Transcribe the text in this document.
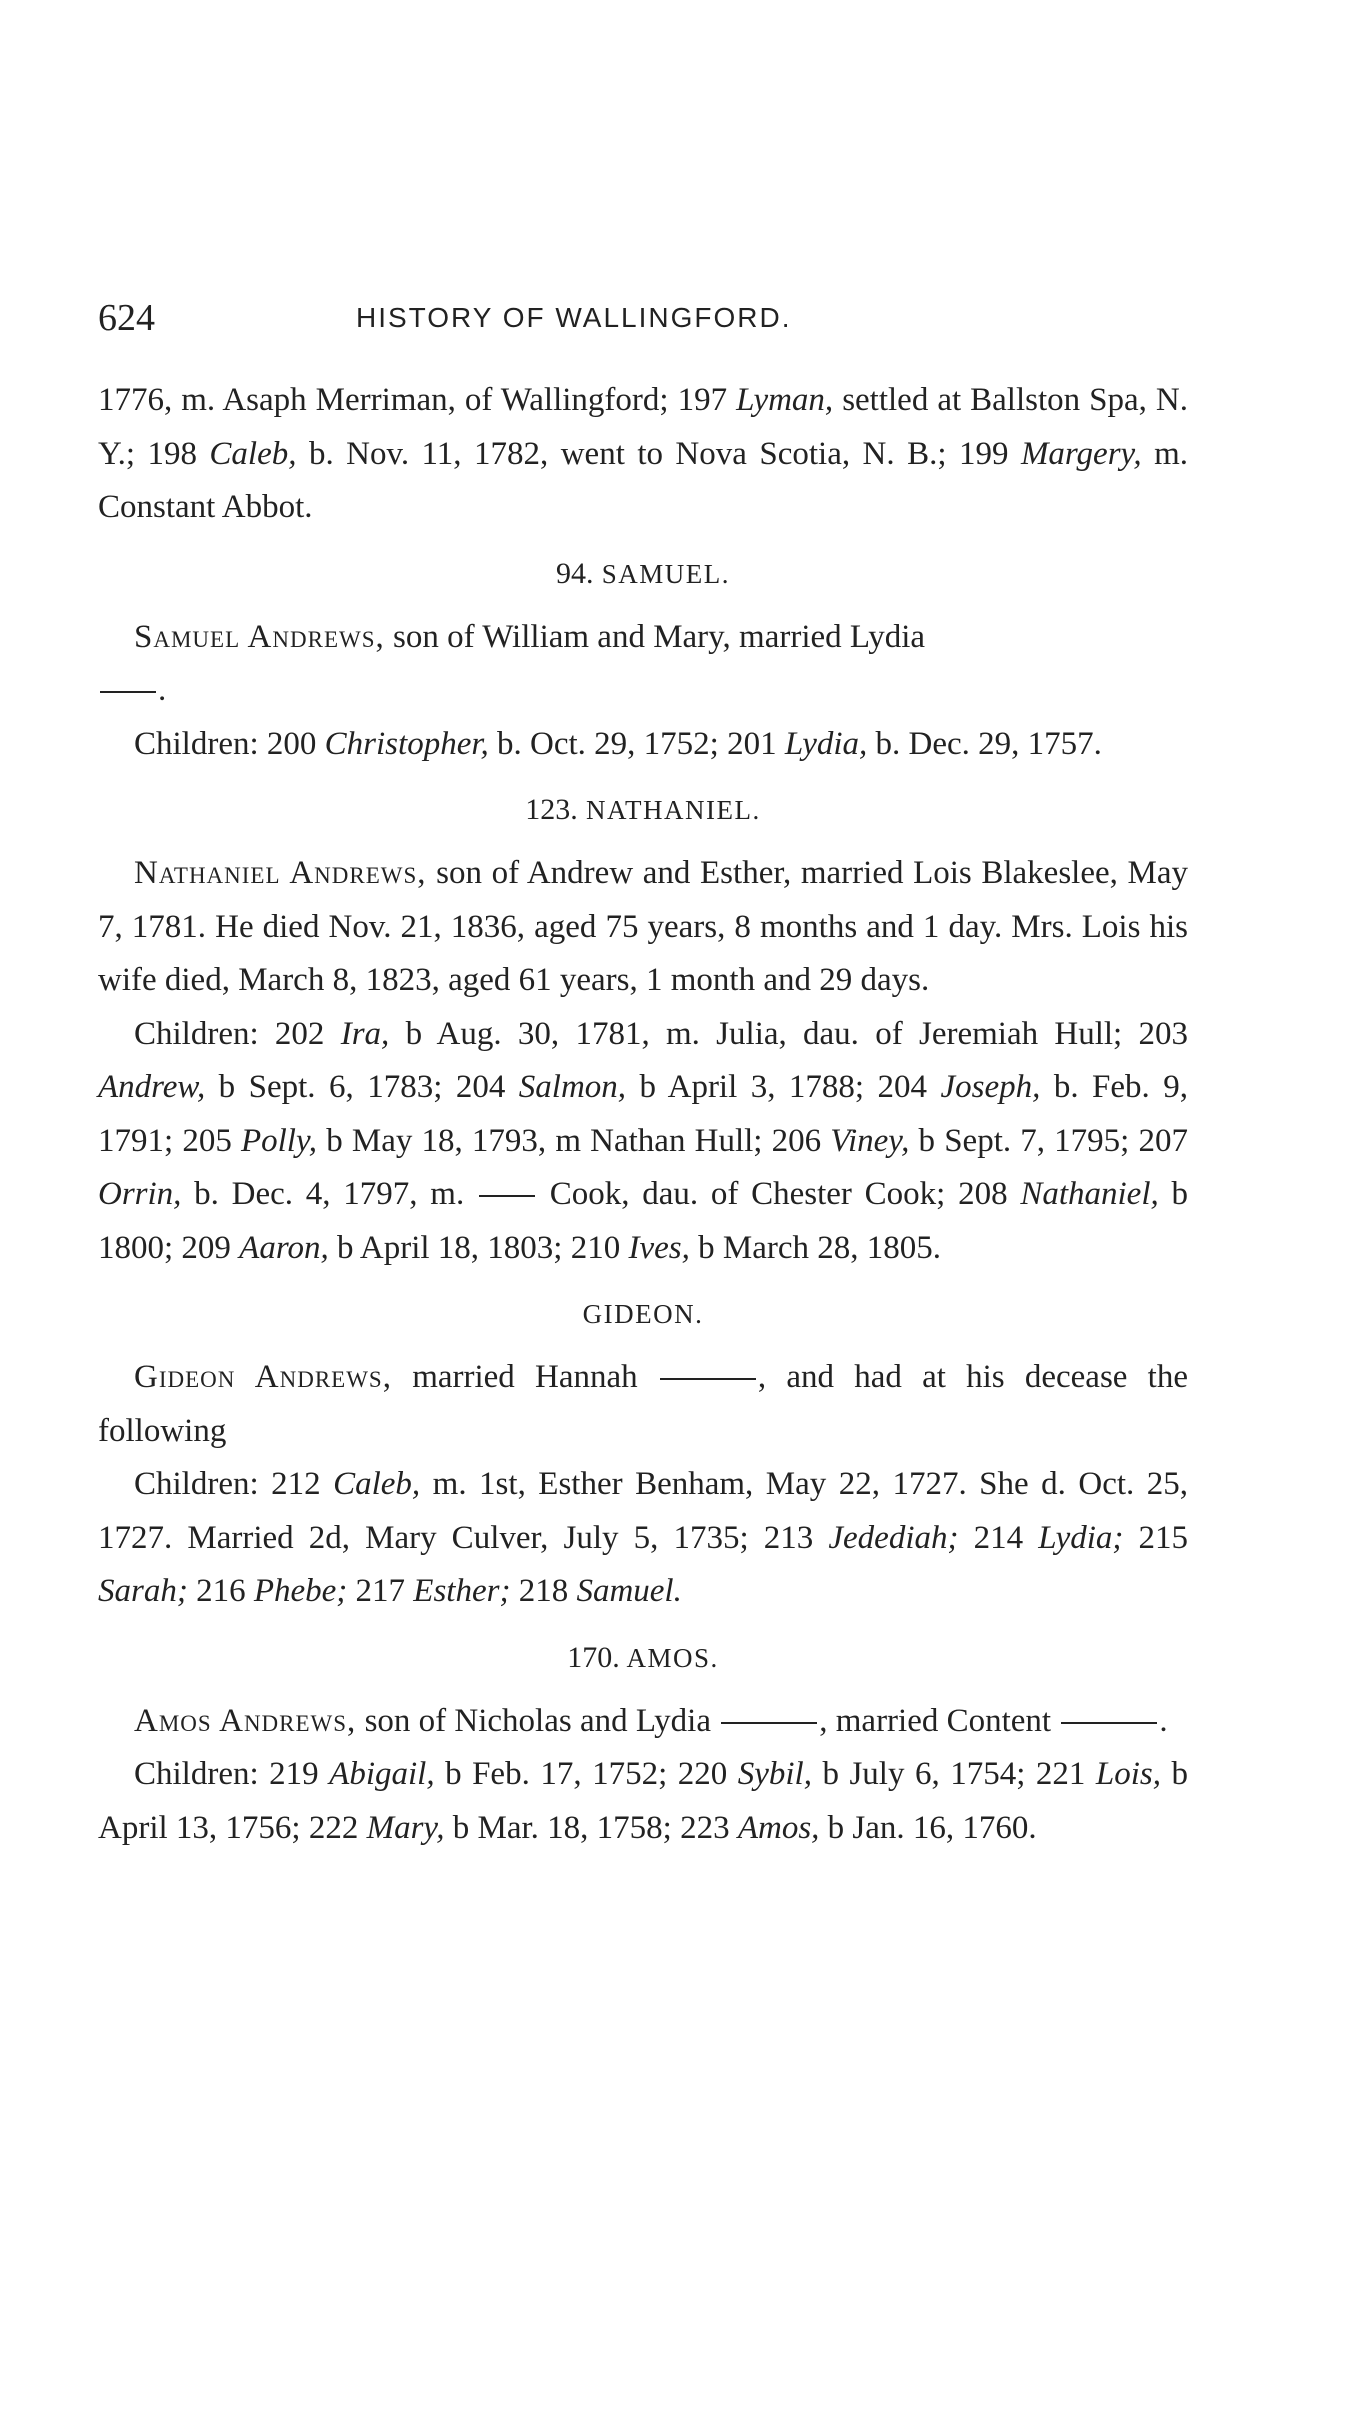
624	HISTORY OF WALLINGFORD.

1776, m. Asaph Merriman, of Wallingford; 197 Lyman, settled at Ballston Spa, N. Y.; 198 Caleb, b. Nov. 11, 1782, went to Nova Scotia, N. B.; 199 Margery, m. Constant Abbot.

94. SAMUEL.

Samuel Andrews, son of William and Mary, married Lydia
.

Children: 200 Christopher, b. Oct. 29, 1752; 201 Lydia, b. Dec. 29, 1757.

123. NATHANIEL.

Nathaniel Andrews, son of Andrew and Esther, married Lois Blakeslee, May 7, 1781. He died Nov. 21, 1836, aged 75 years, 8 months and 1 day. Mrs. Lois his wife died, March 8, 1823, aged 61 years, 1 month and 29 days.

Children: 202 Ira, b Aug. 30, 1781, m. Julia, dau. of Jeremiah Hull; 203 Andrew, b Sept. 6, 1783; 204 Salmon, b April 3, 1788; 204 Joseph, b. Feb. 9, 1791; 205 Polly, b May 18, 1793, m Nathan Hull; 206 Viney, b Sept. 7, 1795; 207 Orrin, b. Dec. 4, 1797, m.  Cook, dau. of Chester Cook; 208 Nathaniel, b 1800; 209 Aaron, b April 18, 1803; 210 Ives, b March 28, 1805.

GIDEON.

Gideon Andrews, married Hannah	, and had at his decease the following

Children: 212 Caleb, m. 1st, Esther Benham, May 22, 1727. She d. Oct. 25, 1727. Married 2d, Mary Culver, July 5, 1735; 213 Jedediah; 214 Lydia; 215 Sarah; 216 Phebe; 217 Esther; 218 Samuel.

170. AMOS.

Amos Andrews, son of Nicholas and Lydia	, married Content	.

Children: 219 Abigail, b Feb. 17, 1752; 220 Sybil, b July 6, 1754; 221 Lois, b April 13, 1756; 222 Mary, b Mar. 18, 1758; 223 Amos, b Jan. 16, 1760.
